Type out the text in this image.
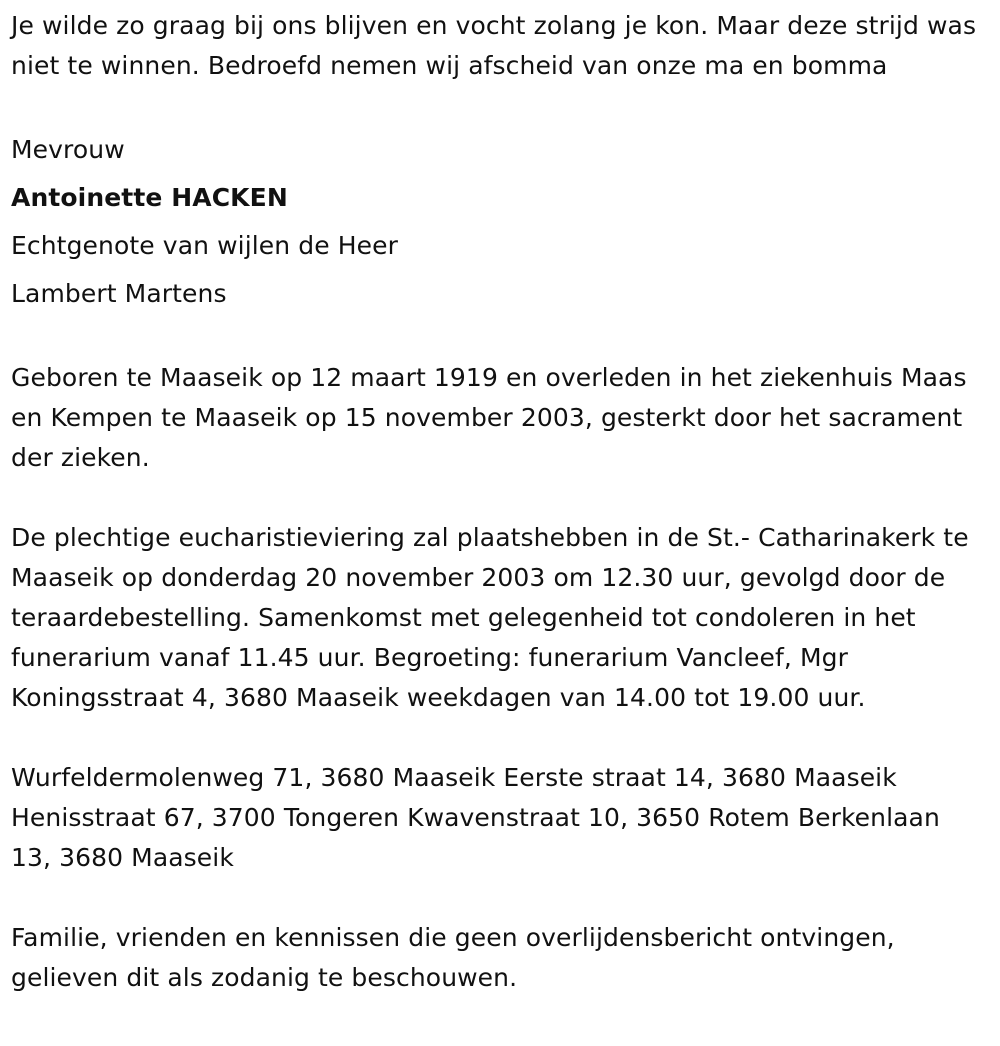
Je wilde zo graag bij ons blijven en vocht zolang je kon. Maar deze strijd was niet te winnen. Bedroefd nemen wij afscheid van onze ma en bomma

Mevrouw

Antoinette HACKEN

Echtgenote van wijlen de Heer

Lambert Martens

Geboren te Maaseik op 12 maart 1919 en overleden in het ziekenhuis Maas en Kempen te Maaseik op 15 november 2003, gesterkt door het sacrament der zieken.

De plechtige eucharistieviering zal plaatshebben in de St.- Catharinakerk te Maaseik op donderdag 20 november 2003 om 12.30 uur, gevolgd door de teraardebestelling. Samenkomst met gelegenheid tot condoleren in het funerarium vanaf 11.45 uur. Begroeting: funerarium Vancleef, Mgr Koningsstraat 4, 3680 Maaseik weekdagen van 14.00 tot 19.00 uur.

Wurfeldermolenweg 71, 3680 Maaseik Eerste straat 14, 3680 Maaseik Henisstraat 67, 3700 Tongeren Kwavenstraat 10, 3650 Rotem Berkenlaan 13, 3680 Maaseik

Familie, vrienden en kennissen die geen overlijdensbericht ontvingen, gelieven dit als zodanig te beschouwen.
